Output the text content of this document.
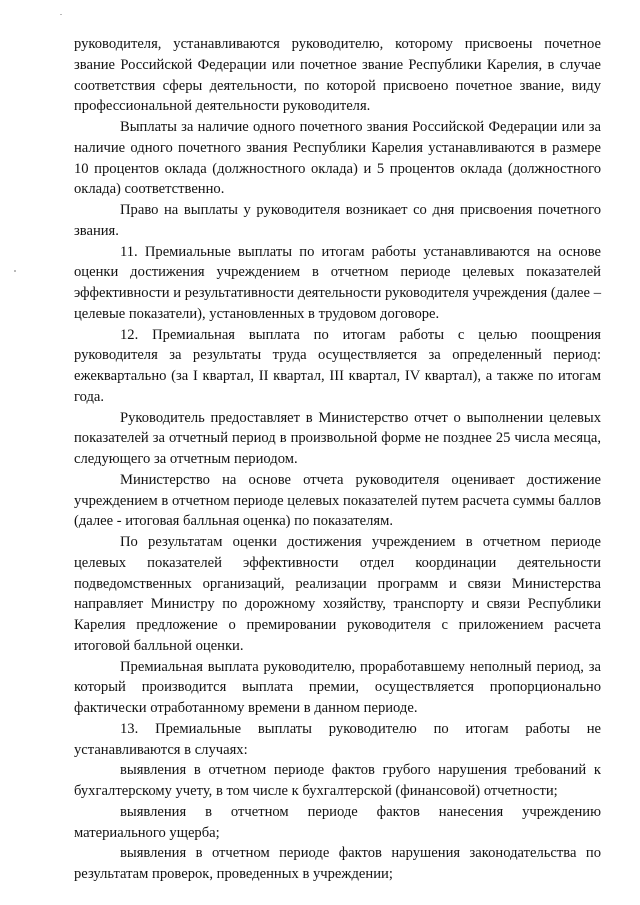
руководителя, устанавливаются руководителю, которому присвоены почетное звание Российской Федерации или почетное звание Республики Карелия, в случае соответствия сферы деятельности, по которой присвоено почетное звание, виду профессиональной деятельности руководителя.

Выплаты за наличие одного почетного звания Российской Федерации или за наличие одного почетного звания Республики Карелия устанавливаются в размере 10 процентов оклада (должностного оклада) и 5 процентов оклада (должностного оклада) соответственно.

Право на выплаты у руководителя возникает со дня присвоения почетного звания.

11. Премиальные выплаты по итогам работы устанавливаются на основе оценки достижения учреждением в отчетном периоде целевых показателей эффективности и результативности деятельности руководителя учреждения (далее – целевые показатели), установленных в трудовом договоре.

12. Премиальная выплата по итогам работы с целью поощрения руководителя за результаты труда осуществляется за определенный период: ежеквартально (за I квартал, II квартал, III квартал, IV квартал), а также по итогам года.

Руководитель предоставляет в Министерство отчет о выполнении целевых показателей за отчетный период в произвольной форме не позднее 25 числа месяца, следующего за отчетным периодом.

Министерство на основе отчета руководителя оценивает достижение учреждением в отчетном периоде целевых показателей путем расчета суммы баллов (далее - итоговая балльная оценка) по показателям.

По результатам оценки достижения учреждением в отчетном периоде целевых показателей эффективности отдел координации деятельности подведомственных организаций, реализации программ и связи Министерства направляет Министру по дорожному хозяйству, транспорту и связи Республики Карелия предложение о премировании руководителя с приложением расчета итоговой балльной оценки.

Премиальная выплата руководителю, проработавшему неполный период, за который производится выплата премии, осуществляется пропорционально фактически отработанному времени в данном периоде.

13. Премиальные выплаты руководителю по итогам работы не устанавливаются в случаях:

выявления в отчетном периоде фактов грубого нарушения требований к бухгалтерскому учету, в том числе к бухгалтерской (финансовой) отчетности;

выявления в отчетном периоде фактов нанесения учреждению материального ущерба;

выявления в отчетном периоде фактов нарушения законодательства по результатам проверок, проведенных в учреждении;
